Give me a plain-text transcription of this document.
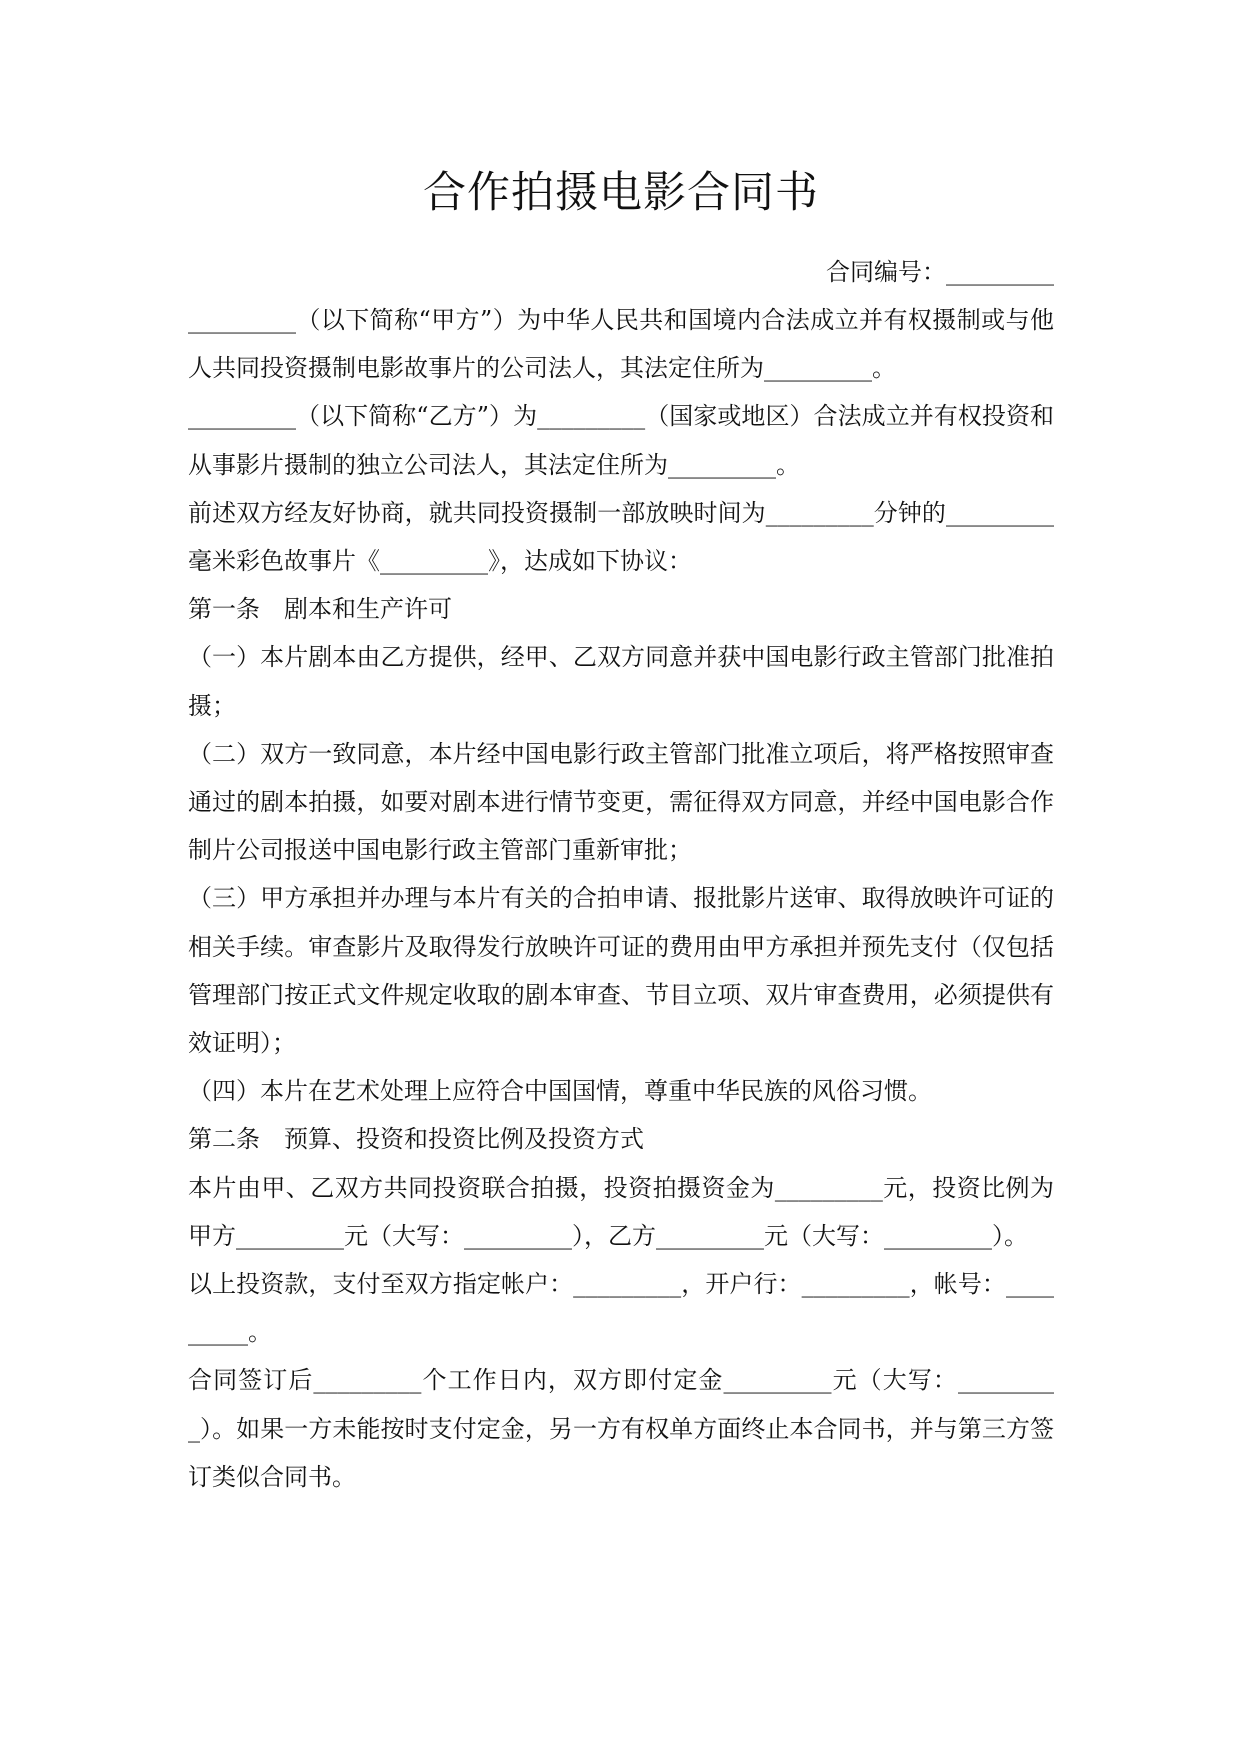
合作拍摄电影合同书
合同编号：_________

_________（以下简称“甲方”）为中华人民共和国境内合法成立并有权摄制或与他人共同投资摄制电影故事片的公司法人，其法定住所为_________。

_________（以下简称“乙方”）为_________（国家或地区）合法成立并有权投资和从事影片摄制的独立公司法人，其法定住所为_________。

前述双方经友好协商，就共同投资摄制一部放映时间为_________分钟的_________毫米彩色故事片《_________》，达成如下协议：

第一条　剧本和生产许可

（一）本片剧本由乙方提供，经甲、乙双方同意并获中国电影行政主管部门批准拍摄；

（二）双方一致同意，本片经中国电影行政主管部门批准立项后，将严格按照审查通过的剧本拍摄，如要对剧本进行情节变更，需征得双方同意，并经中国电影合作制片公司报送中国电影行政主管部门重新审批；

（三）甲方承担并办理与本片有关的合拍申请、报批影片送审、取得放映许可证的相关手续。审查影片及取得发行放映许可证的费用由甲方承担并预先支付（仅包括管理部门按正式文件规定收取的剧本审查、节目立项、双片审查费用，必须提供有效证明）；

（四）本片在艺术处理上应符合中国国情，尊重中华民族的风俗习惯。

第二条　预算、投资和投资比例及投资方式

本片由甲、乙双方共同投资联合拍摄，投资拍摄资金为_________元，投资比例为甲方_________元（大写：_________），乙方_________元（大写：_________）。

以上投资款，支付至双方指定帐户：_________，开户行：_________，帐号：_________。

合同签订后_________个工作日内，双方即付定金_________元（大写：_________）。如果一方未能按时支付定金，另一方有权单方面终止本合同书，并与第三方签订类似合同书。
